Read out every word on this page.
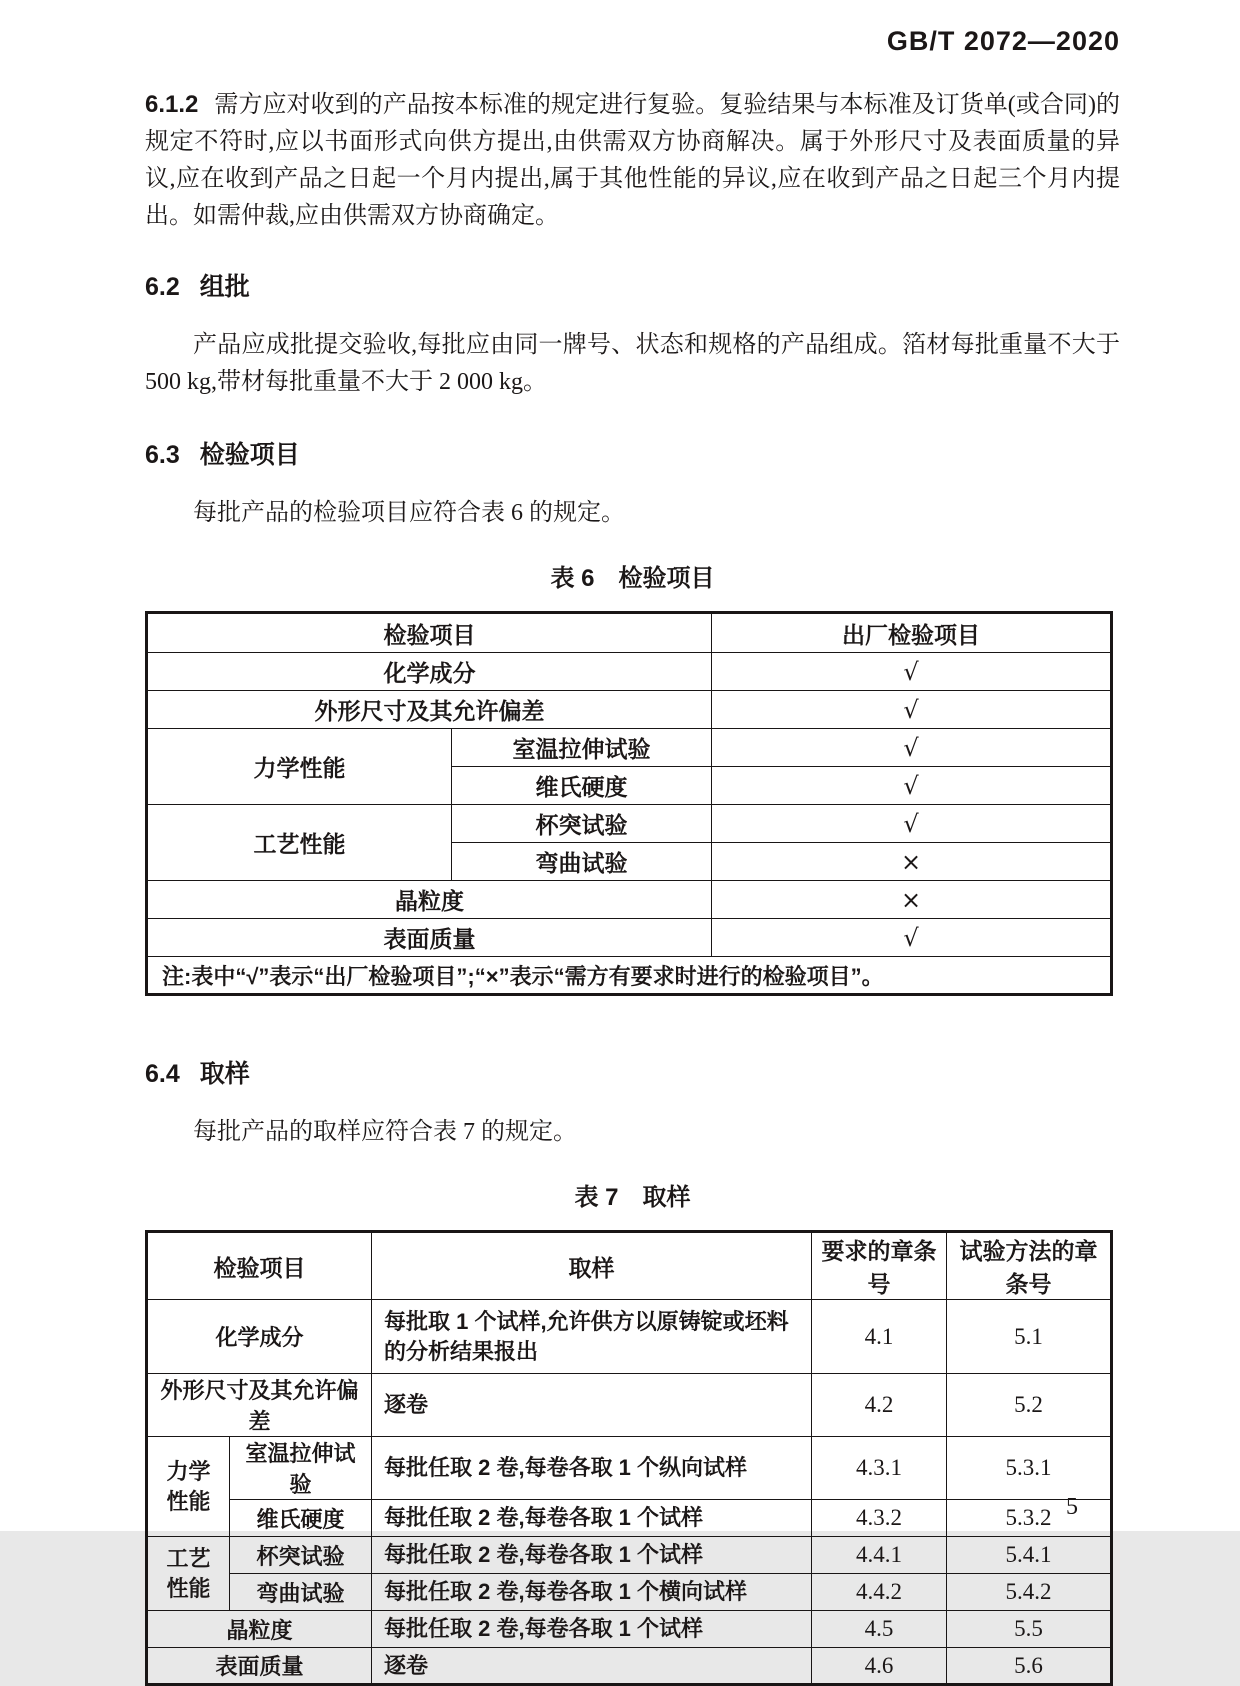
GB/T 2072—2020

6.1.2 需方应对收到的产品按本标准的规定进行复验。复验结果与本标准及订货单(或合同)的规定不符时,应以书面形式向供方提出,由供需双方协商解决。属于外形尺寸及表面质量的异议,应在收到产品之日起一个月内提出,属于其他性能的异议,应在收到产品之日起三个月内提出。如需仲裁,应由供需双方协商确定。

6.2 组批

产品应成批提交验收,每批应由同一牌号、状态和规格的产品组成。箔材每批重量不大于 500 kg,带材每批重量不大于 2 000 kg。

6.3 检验项目

每批产品的检验项目应符合表 6 的规定。

表 6　检验项目
检验项目		出厂检验项目
化学成分		√
外形尺寸及其允许偏差		√
力学性能	室温拉伸试验	√
	维氏硬度	√
工艺性能	杯突试验	√
	弯曲试验	×
晶粒度		×
表面质量		√
注:表中“√”表示“出厂检验项目”;“×”表示“需方有要求时进行的检验项目”。		
6.4 取样

每批产品的取样应符合表 7 的规定。

表 7　取样
检验项目		取样	要求的章条号	试验方法的章条号
化学成分		每批取 1 个试样,允许供方以原铸锭或坯料的分析结果报出	4.1	5.1
外形尺寸及其允许偏差		逐卷	4.2	5.2
力学性能	室温拉伸试验	每批任取 2 卷,每卷各取 1 个纵向试样	4.3.1	5.3.1
	维氏硬度	每批任取 2 卷,每卷各取 1 个试样	4.3.2	5.3.2
工艺性能	杯突试验	每批任取 2 卷,每卷各取 1 个试样	4.4.1	5.4.1
	弯曲试验	每批任取 2 卷,每卷各取 1 个横向试样	4.4.2	5.4.2
晶粒度		每批任取 2 卷,每卷各取 1 个试样	4.5	5.5
表面质量		逐卷	4.6	5.6
5
